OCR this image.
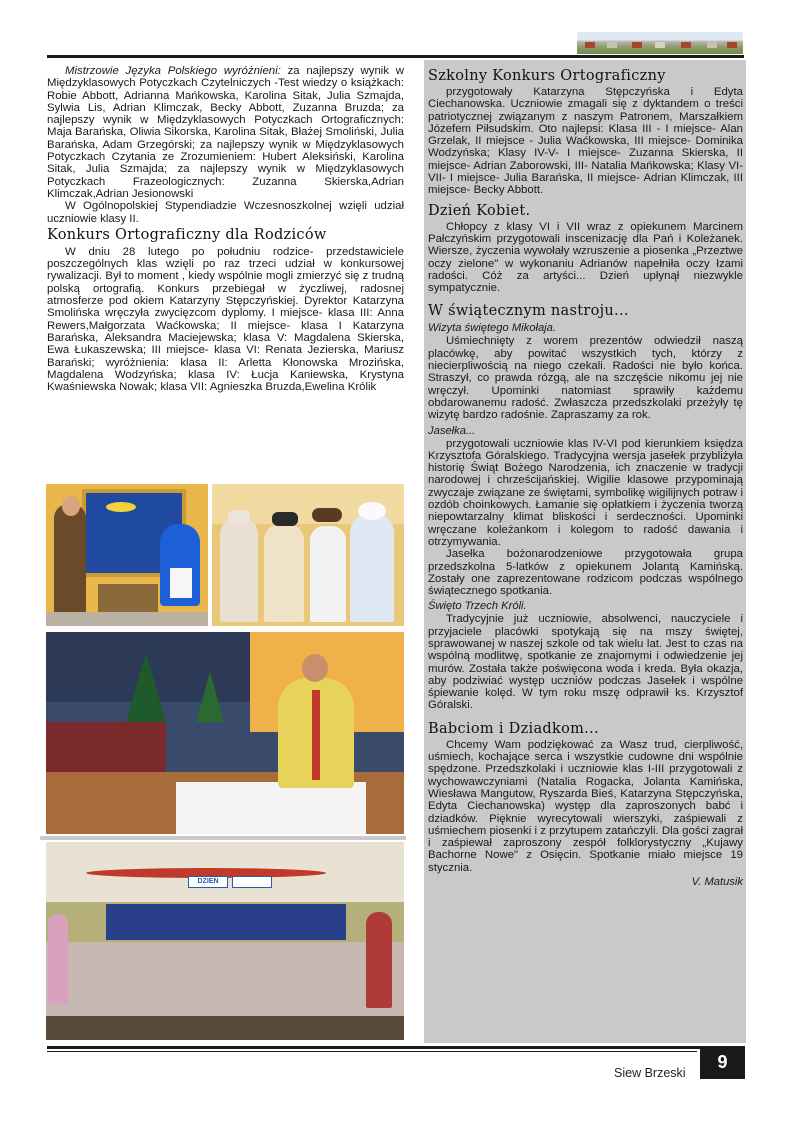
Mistrzowie Języka Polskiego wyróżnieni: za najlepszy wynik w Międzyklasowych Potyczkach Czytelniczych -Test wiedzy o książkach: Robie Abbott, Adrianna Mańkowska, Karolina Sitak, Julia Szmajda, Sylwia Lis, Adrian Klimczak, Becky Abbott, Zuzanna Bruzda; za najlepszy wynik w Międzyklasowych Potyczkach Ortograficznych: Maja Barańska, Oliwia Sikorska, Karolina Sitak, Błażej Smoliński, Julia Barańska, Adam Grzegórski; za najlepszy wynik w Międzyklasowych Potyczkach Czytania ze Zrozumieniem: Hubert Aleksiński, Karolina Sitak, Julia Szmajda; za najlepszy wynik w Międzyklasowych Potyczkach Frazeologicznych: Zuzanna Skierska,Adrian Klimczak,Adrian Jesionowski

W Ogólnopolskiej Stypendiadzie Wczesnoszkolnej wzięli udział uczniowie klasy II.

Konkurs Ortograficzny dla Rodziców

W dniu 28 lutego po południu rodzice- przedstawiciele poszczególnych klas wzięli po raz trzeci udział w konkursowej rywalizacji. Był to moment , kiedy wspólnie mogli zmierzyć się z trudną polską ortografią. Konkurs przebiegał w życzliwej, radosnej atmosferze pod okiem Katarzyny Stępczyńskiej. Dyrektor Katarzyna Smolińska wręczyła zwycięzcom dyplomy. I miejsce- klasa III: Anna Rewers,Małgorzata Waćkowska; II miejsce- klasa I Katarzyna Barańska, Aleksandra Maciejewska; klasa V: Magdalena Skierska, Ewa Łukaszewska; III miejsce- klasa VI: Renata Jezierska, Mariusz Barański; wyróżnienia: klasa II: Arletta Kłonowska Mrozińska, Magdalena Wodzyńska; klasa IV: Łucja Kaniewska, Krystyna Kwaśniewska Nowak; klasa VII: Agnieszka Bruzda,Ewelina Królik

DZIEŃ
Szkolny Konkurs Ortograficzny

przygotowały Katarzyna Stępczyńska i Edyta Ciechanowska. Uczniowie zmagali się z dyktandem o treści patriotycznej związanym z naszym Patronem, Marszałkiem Józefem Piłsudskim. Oto najlepsi: Klasa III - I miejsce- Alan Grzelak, II miejsce - Julia Waćkowska, III miejsce- Dominika Wodzyńska; Klasy IV-V- I miejsce- Zuzanna Skierska, II miejsce- Adrian Zaborowski, III- Natalia Mańkowska; Klasy VI-VII- I miejsce- Julia Barańska, II miejsce- Adrian Klimczak, III miejsce- Becky Abbott.

Dzień Kobiet.

Chłopcy z klasy VI i VII wraz z opiekunem Marcinem Pałczyńskim przygotowali inscenizację dla Pań i Koleżanek. Wiersze, życzenia wywołały wzruszenie a piosenka „Przeztwe oczy zielone" w wykonaniu Adrianów napełniła oczy łzami radości. Cóż za artyści... Dzień upłynął niezwykle sympatycznie.

W świątecznym nastroju...
Wizyta świętego Mikołaja.

Uśmiechnięty z worem prezentów odwiedził naszą placówkę, aby powitać wszystkich tych, którzy z niecierpliwością na niego czekali. Radości nie było końca. Straszył, co prawda rózgą, ale na szczęście nikomu jej nie wręczył. Upominki natomiast sprawiły każdemu obdarowanemu radość. Zwłaszcza przedszkolaki przeżyły tę wizytę bardzo radośnie. Zapraszamy za rok.

Jasełka...

przygotowali uczniowie klas IV-VI pod kierunkiem księdza Krzysztofa Góralskiego. Tradycyjna wersja jasełek przybliżyła historię Świąt Bożego Narodzenia, ich znaczenie w tradycji narodowej i chrześcijańskiej. Wigilie klasowe przypominają zwyczaje związane ze świętami, symbolikę wigilijnych potraw i ozdób choinkowych. Łamanie się opłatkiem i życzenia tworzą niepowtarzalny klimat bliskości i serdeczności. Upominki wręczane koleżankom i kolegom to radość dawania i otrzymywania.

Jasełka bożonarodzeniowe przygotowała grupa przedszkolna 5-latków z opiekunem Jolantą Kamińską. Zostały one zaprezentowane rodzicom podczas wspólnego świątecznego spotkania.

Święto Trzech Króli.

Tradycyjnie już uczniowie, absolwenci, nauczyciele i przyjaciele placówki spotykają się na mszy świętej, sprawowanej w naszej szkole od tak wielu lat. Jest to czas na wspólną modlitwę, spotkanie ze znajomymi i odwiedzenie jej murów. Została także poświęcona woda i kreda. Była okazja, aby podziwiać występ uczniów podczas Jasełek i wspólne śpiewanie kolęd. W tym roku mszę odprawił ks. Krzysztof Góralski.

Babciom i Dziadkom...

Chcemy Wam podziękować za Wasz trud, cierpliwość, uśmiech, kochające serca i wszystkie cudowne dni wspólnie spędzone. Przedszkolaki i uczniowie klas I-III przygotowali z wychowawczyniami (Natalia Rogacka, Jolanta Kamińska, Wiesława Mangutow, Ryszarda Bieś, Katarzyna Stępczyńska, Edyta Ciechanowska) występ dla zaproszonych babć i dziadków. Pięknie wyrecytowali wierszyki, zaśpiewali z uśmiechem piosenki i z przytupem zatańczyli. Dla gości zagrał i zaśpiewał zaproszony zespół folklorystyczny „Kujawy Bachorne Nowe" z Osięcin. Spotkanie miało miejsce 19 stycznia.

V. Matusik
Siew Brzeski
9
